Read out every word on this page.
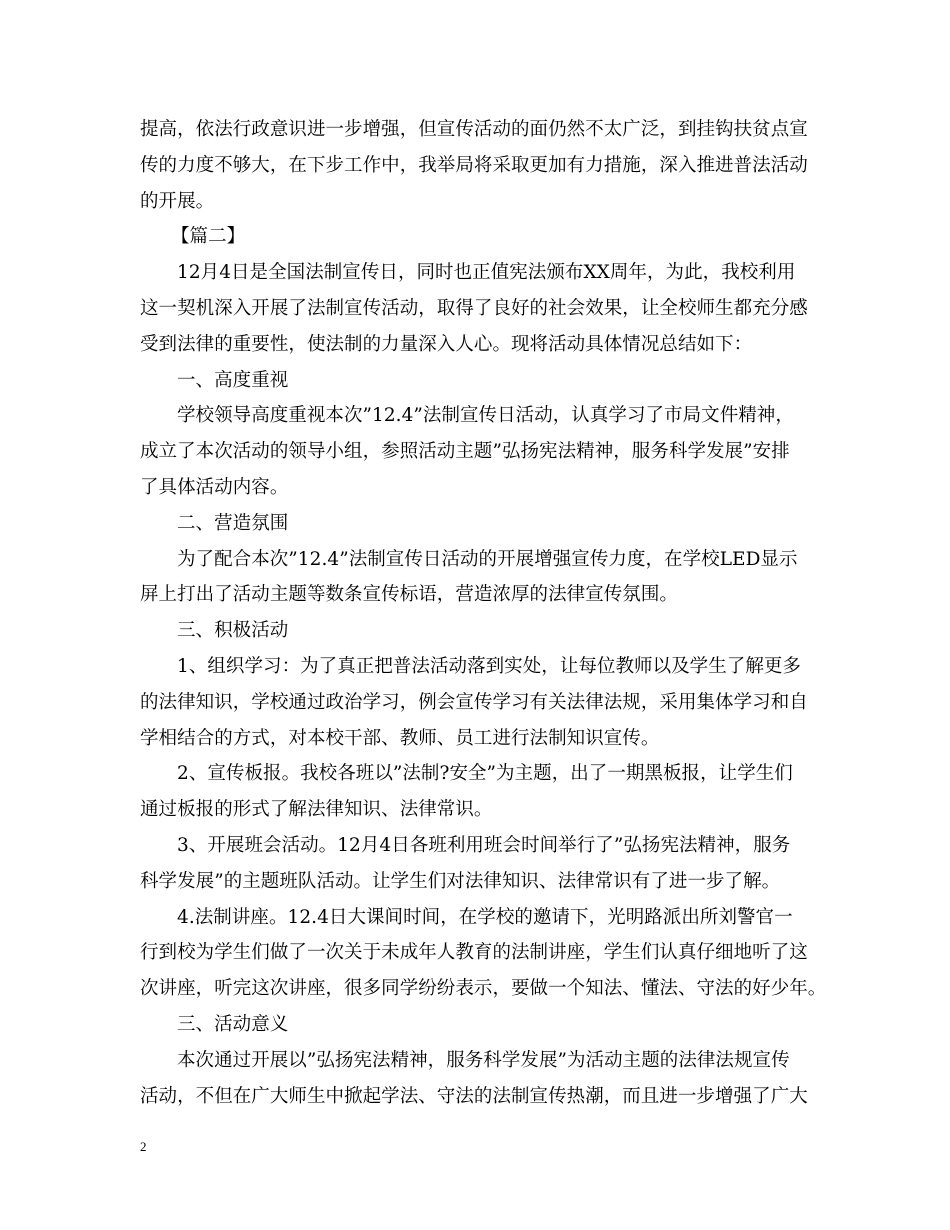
提高，依法行政意识进一步增强，但宣传活动的面仍然不太广泛，到挂钩扶贫点宣
传的力度不够大，在下步工作中，我举局将采取更加有力措施，深入推进普法活动
的开展。
【篇二】
12月4日是全国法制宣传日，同时也正值宪法颁布XX周年，为此，我校利用
这一契机深入开展了法制宣传活动，取得了良好的社会效果，让全校师生都充分感
受到法律的重要性，使法制的力量深入人心。现将活动具体情况总结如下：
一、高度重视
学校领导高度重视本次”12.4”法制宣传日活动，认真学习了市局文件精神，
成立了本次活动的领导小组，参照活动主题”弘扬宪法精神，服务科学发展”安排
了具体活动内容。
二、营造氛围
为了配合本次”12.4”法制宣传日活动的开展增强宣传力度，在学校LED显示
屏上打出了活动主题等数条宣传标语，营造浓厚的法律宣传氛围。
三、积极活动
1、组织学习：为了真正把普法活动落到实处，让每位教师以及学生了解更多
的法律知识，学校通过政治学习，例会宣传学习有关法律法规，采用集体学习和自
学相结合的方式，对本校干部、教师、员工进行法制知识宣传。
2、宣传板报。我校各班以”法制?安全”为主题，出了一期黑板报，让学生们
通过板报的形式了解法律知识、法律常识。
3、开展班会活动。12月4日各班利用班会时间举行了”弘扬宪法精神，服务
科学发展”的主题班队活动。让学生们对法律知识、法律常识有了进一步了解。
4.法制讲座。12.4日大课间时间，在学校的邀请下，光明路派出所刘警官一
行到校为学生们做了一次关于未成年人教育的法制讲座，学生们认真仔细地听了这
次讲座，听完这次讲座，很多同学纷纷表示，要做一个知法、懂法、守法的好少年。
三、活动意义
本次通过开展以”弘扬宪法精神，服务科学发展”为活动主题的法律法规宣传
活动，不但在广大师生中掀起学法、守法的法制宣传热潮，而且进一步增强了广大
2
